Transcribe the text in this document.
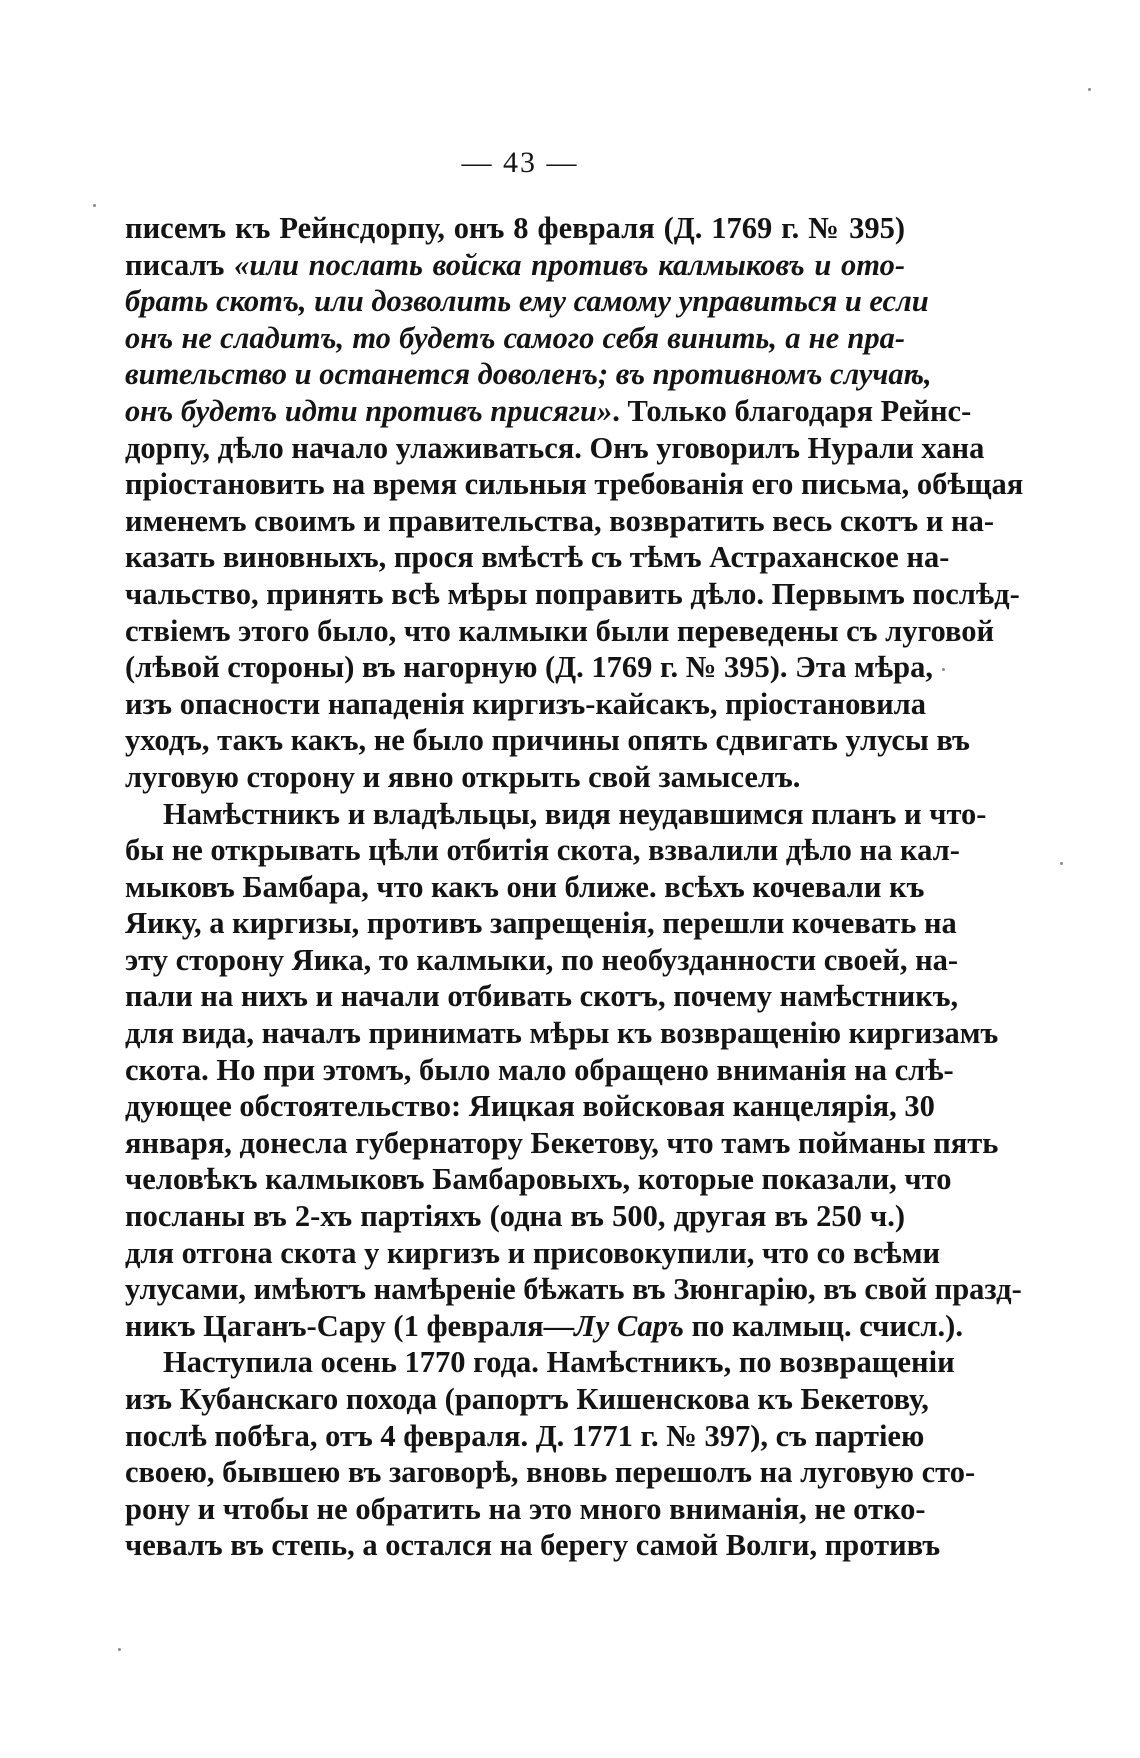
— 43 —
писемъ къ Рейнсдорпу, онъ 8 февраля (Д. 1769 г. № 395)
писалъ «или послать войска противъ калмыковъ и ото-
брать скотъ, или дозволить ему самому управиться и если
онъ не сладитъ, то будетъ самого себя винить, а не пра-
вительство и останется доволенъ; въ противномъ случаѣ,
онъ будетъ идти противъ присяги». Только благодаря Рейнс-
дорпу, дѣло начало улаживаться. Онъ уговорилъ Нурали хана
пріостановить на время сильныя требованія его письма, обѣщая
именемъ своимъ и правительства, возвратить весь скотъ и на-
казать виновныхъ, прося вмѣстѣ съ тѣмъ Астраханское на-
чальство, принять всѣ мѣры поправить дѣло. Первымъ послѣд-
ствіемъ этого было, что калмыки были переведены съ луговой
(лѣвой стороны) въ нагорную (Д. 1769 г. № 395). Эта мѣра,
изъ опасности нападенія киргизъ-кайсакъ, пріостановила
уходъ, такъ какъ, не было причины опять сдвигать улусы въ
луговую сторону и явно открыть свой замыселъ.
Намѣстникъ и владѣльцы, видя неудавшимся планъ и что-
бы не открывать цѣли отбитія скота, взвалили дѣло на кал-
мыковъ Бамбара, что какъ они ближе. всѣхъ кочевали къ
Яику, а киргизы, противъ запрещенія, перешли кочевать на
эту сторону Яика, то калмыки, по необузданности своей, на-
пали на нихъ и начали отбивать скотъ, почему намѣстникъ,
для вида, началъ принимать мѣры къ возвращенію киргизамъ
скота. Но при этомъ, было мало обращено вниманія на слѣ-
дующее обстоятельство: Яицкая войсковая канцелярія, 30
января, донесла губернатору Бекетову, что тамъ пойманы пять
человѣкъ калмыковъ Бамбаровыхъ, которые показали, что
посланы въ 2-хъ партіяхъ (одна въ 500, другая въ 250 ч.)
для отгона скота у киргизъ и присовокупили, что со всѣми
улусами, имѣютъ намѣреніе бѣжать въ Зюнгарію, въ свой празд-
никъ Цаганъ-Сару (1 февраля—Лу Саръ по калмыц. счисл.).
Наступила осень 1770 года. Намѣстникъ, по возвращеніи
изъ Кубанскаго похода (рапортъ Кишенскова къ Бекетову,
послѣ побѣга, отъ 4 февраля. Д. 1771 г. № 397), съ партіею
своею, бывшею въ заговорѣ, вновь перешолъ на луговую сто-
рону и чтобы не обратить на это много вниманія, не отко-
чевалъ въ степь, а остался на берегу самой Волги, противъ
